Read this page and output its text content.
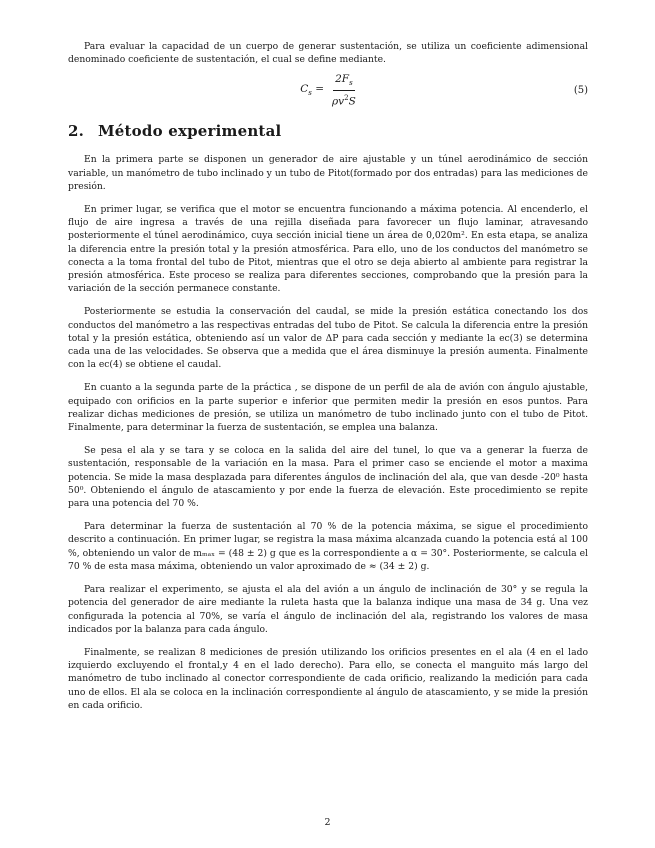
Para evaluar la capacidad de un cuerpo de generar sustentación, se utiliza un coeficiente adimensional denominado coeficiente de sustentación, el cual se define mediante.

$C_s = \frac{2F_s}{\rho v^2S}$	(5)
2. Método experimental

En la primera parte se disponen un generador de aire ajustable y un túnel aerodinámico de sección variable, un manómetro de tubo inclinado y un tubo de Pitot(formado por dos entradas) para las mediciones de presión.

En primer lugar, se verifica que el motor se encuentra funcionando a máxima potencia. Al encenderlo, el flujo de aire ingresa a través de una rejilla diseñada para favorecer un flujo laminar, atravesando posteriormente el túnel aerodinámico, cuya sección inicial tiene un área de 0,020m². En esta etapa, se analiza la diferencia entre la presión total y la presión atmosférica. Para ello, uno de los conductos del manómetro se conecta a la toma frontal del tubo de Pitot, mientras que el otro se deja abierto al ambiente para registrar la presión atmosférica. Este proceso se realiza para diferentes secciones, comprobando que la presión para la variación de la sección permanece constante.

Posteriormente se estudia la conservación del caudal, se mide la presión estática conectando los dos conductos del manómetro a las respectivas entradas del tubo de Pitot. Se calcula la diferencia entre la presión total y la presión estática, obteniendo así un valor de ΔP para cada sección y mediante la ec(3) se determina cada una de las velocidades. Se observa que a medida que el área disminuye la presión aumenta. Finalmente con la ec(4) se obtiene el caudal.

En cuanto a la segunda parte de la práctica , se dispone de un perfil de ala de avión con ángulo ajustable, equipado con orificios en la parte superior e inferior que permiten medir la presión en esos puntos. Para realizar dichas mediciones de presión, se utiliza un manómetro de tubo inclinado junto con el tubo de Pitot. Finalmente, para determinar la fuerza de sustentación, se emplea una balanza.

Se pesa el ala y se tara y se coloca en la salida del aire del tunel, lo que va a generar la fuerza de sustentación, responsable de la variación en la masa. Para el primer caso se enciende el motor a maxima potencia. Se mide la masa desplazada para diferentes ángulos de inclinación del ala, que van desde -20⁰ hasta 50⁰. Obteniendo el ángulo de atascamiento y por ende la fuerza de elevación. Este procedimiento se repite para una potencia del 70 %.

Para determinar la fuerza de sustentación al 70 % de la potencia máxima, se sigue el procedimiento descrito a continuación. En primer lugar, se registra la masa máxima alcanzada cuando la potencia está al 100 %, obteniendo un valor de mₘₐₓ = (48 ± 2) g que es la correspondiente a α = 30°. Posteriormente, se calcula el 70 % de esta masa máxima, obteniendo un valor aproximado de ≈ (34 ± 2) g.

Para realizar el experimento, se ajusta el ala del avión a un ángulo de inclinación de 30° y se regula la potencia del generador de aire mediante la ruleta hasta que la balanza indique una masa de 34 g. Una vez configurada la potencia al 70%, se varía el ángulo de inclinación del ala, registrando los valores de masa indicados por la balanza para cada ángulo.

Finalmente, se realizan 8 mediciones de presión utilizando los orificios presentes en el ala (4 en el lado izquierdo excluyendo el frontal,y 4 en el lado derecho). Para ello, se conecta el manguito más largo del manómetro de tubo inclinado al conector correspondiente de cada orificio, realizando la medición para cada uno de ellos. El ala se coloca en la inclinación correspondiente al ángulo de atascamiento, y se mide la presión en cada orificio.

2
